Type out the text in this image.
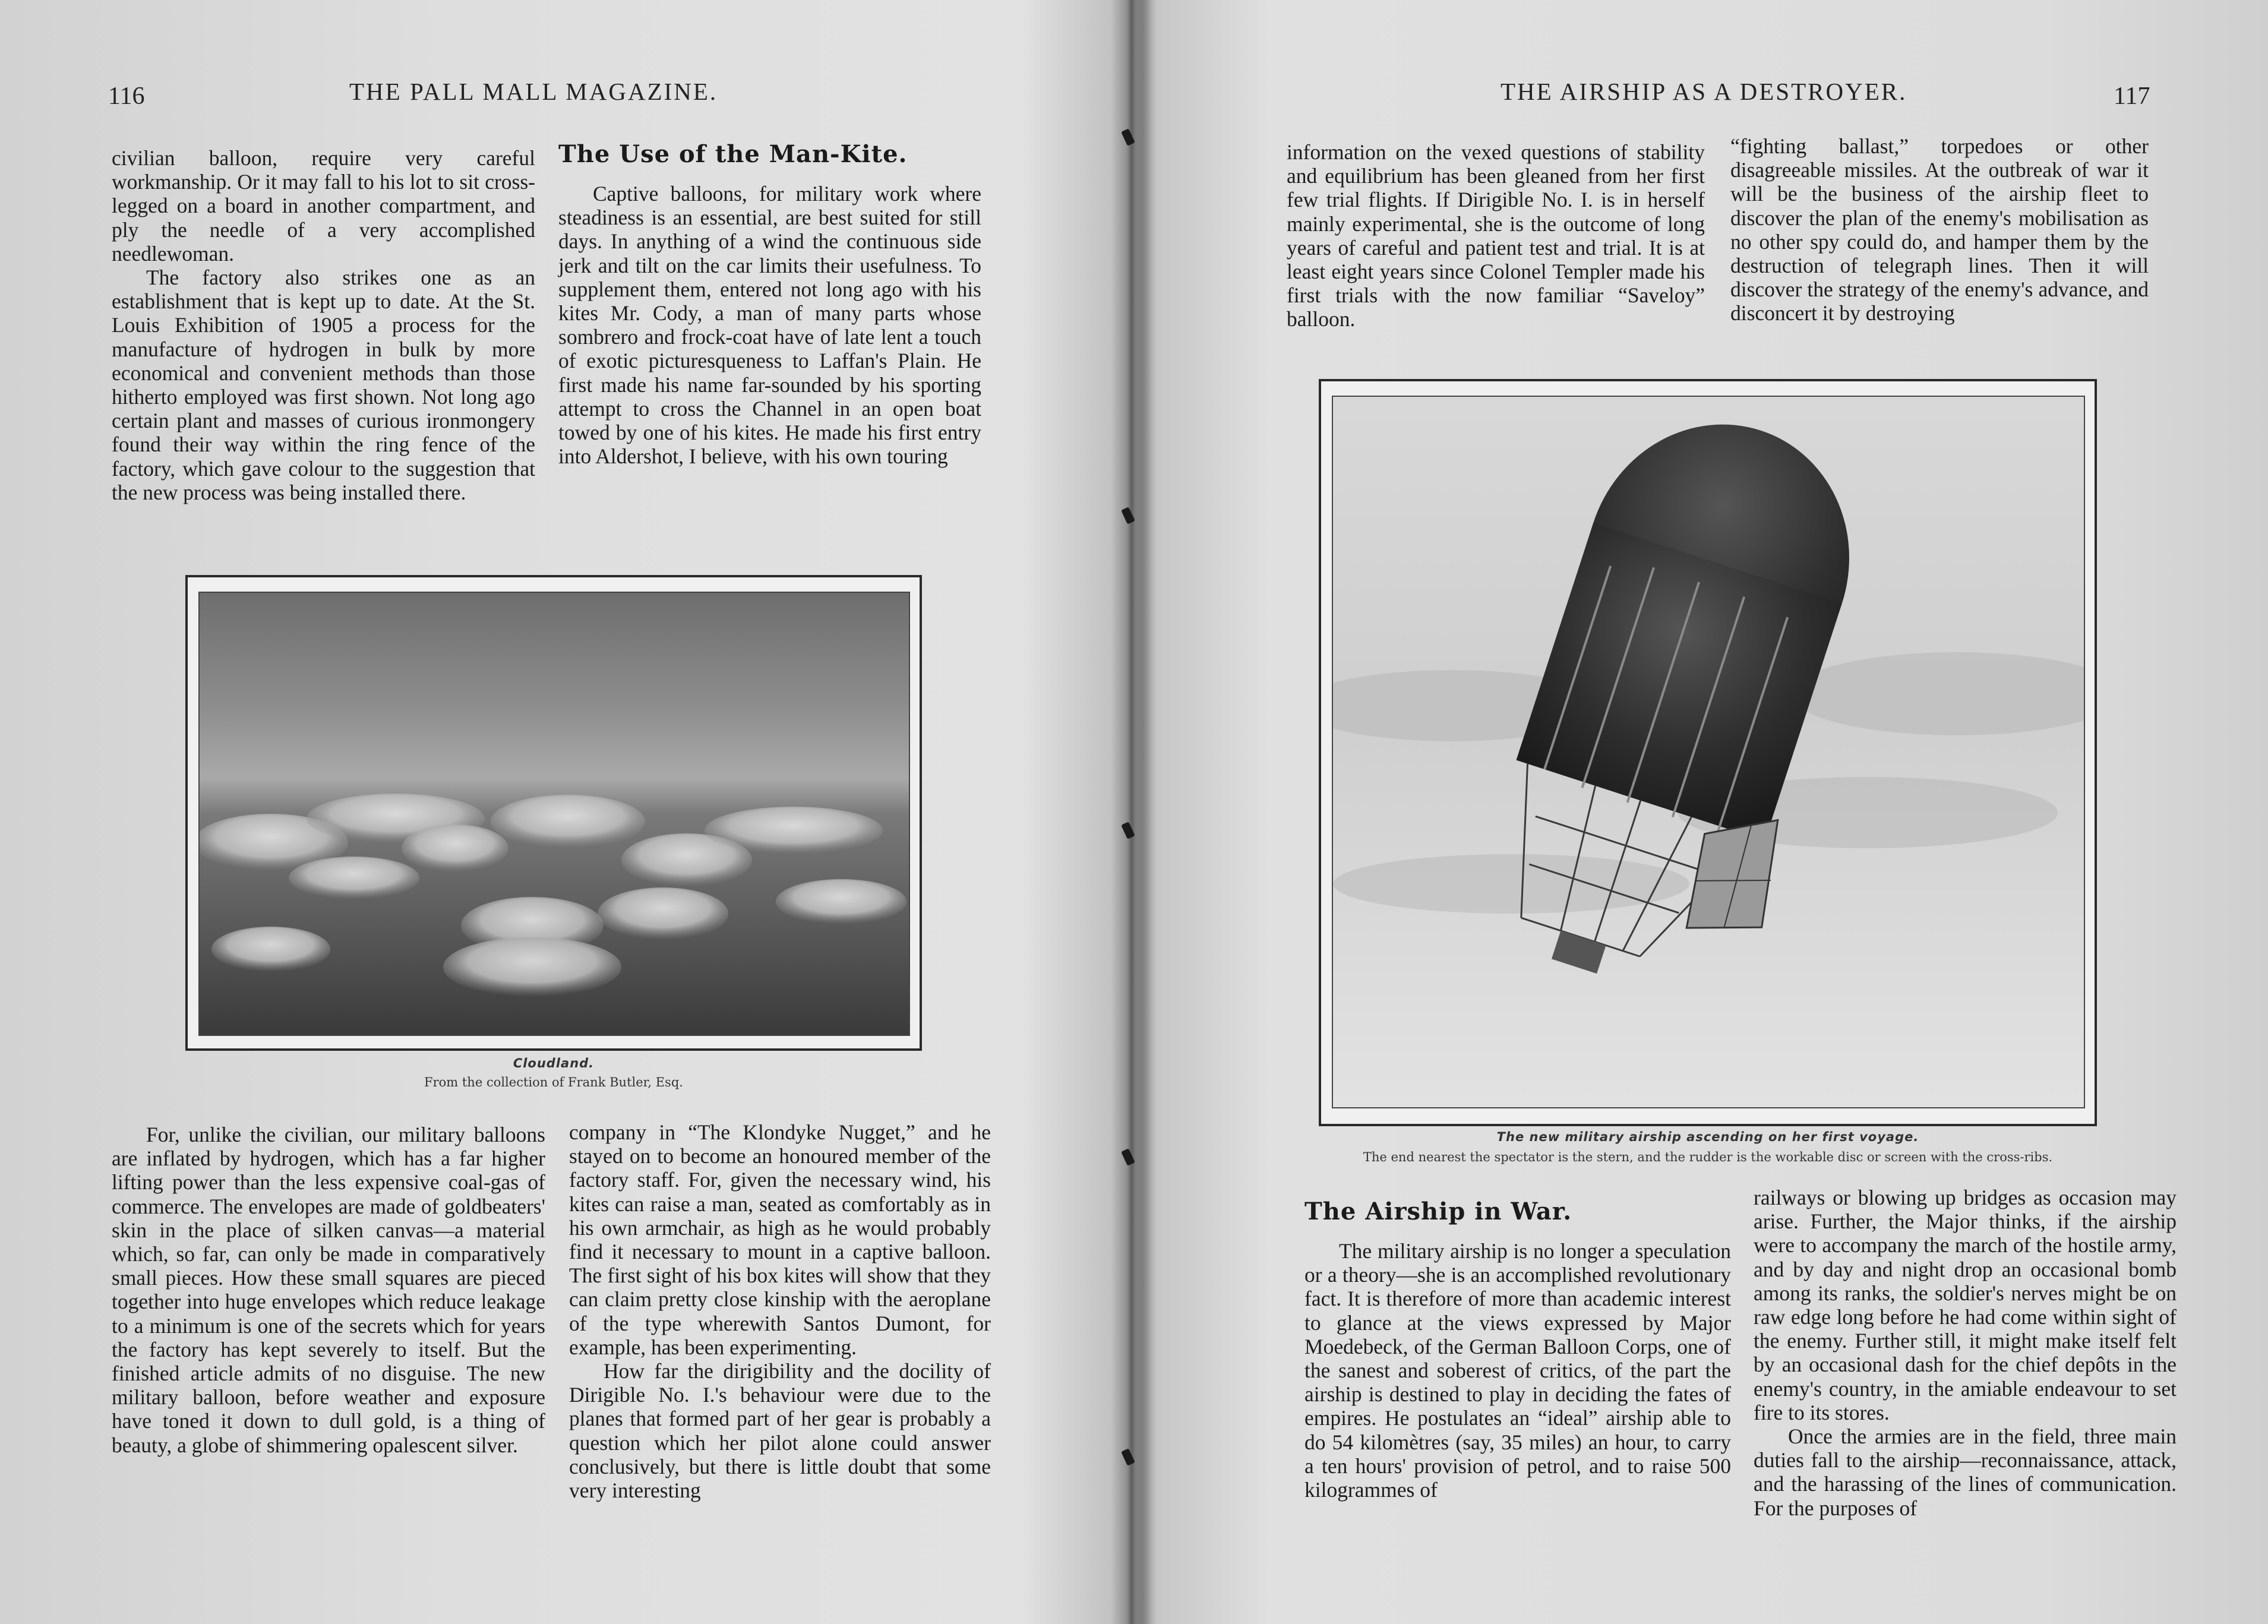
116	THE PALL MALL MAGAZINE.

civilian balloon, require very careful workmanship. Or it may fall to his lot to sit cross-legged on a board in another compartment, and ply the needle of a very accomplished needlewoman.

The factory also strikes one as an establishment that is kept up to date. At the St. Louis Exhibition of 1905 a process for the manufacture of hydrogen in bulk by more economical and convenient methods than those hitherto employed was first shown. Not long ago certain plant and masses of curious ironmongery found their way within the ring fence of the factory, which gave colour to the suggestion that the new process was being installed there.

The Use of the Man-Kite.

Captive balloons, for military work where steadiness is an essential, are best suited for still days. In anything of a wind the continuous side jerk and tilt on the car limits their usefulness. To supplement them, entered not long ago with his kites Mr. Cody, a man of many parts whose sombrero and frock-coat have of late lent a touch of exotic picturesqueness to Laffan's Plain. He first made his name far-sounded by his sporting attempt to cross the Channel in an open boat towed by one of his kites. He made his first entry into Aldershot, I believe, with his own touring

Cloudland.
From the collection of Frank Butler, Esq.

For, unlike the civilian, our military balloons are inflated by hydrogen, which has a far higher lifting power than the less expensive coal-gas of commerce. The envelopes are made of goldbeaters' skin in the place of silken canvas—a material which, so far, can only be made in comparatively small pieces. How these small squares are pieced together into huge envelopes which reduce leakage to a minimum is one of the secrets which for years the factory has kept severely to itself. But the finished article admits of no disguise. The new military balloon, before weather and exposure have toned it down to dull gold, is a thing of beauty, a globe of shimmering opalescent silver.

company in “The Klondyke Nugget,” and he stayed on to become an honoured member of the factory staff. For, given the necessary wind, his kites can raise a man, seated as comfortably as in his own armchair, as high as he would probably find it necessary to mount in a captive balloon. The first sight of his box kites will show that they can claim pretty close kinship with the aeroplane of the type wherewith Santos Dumont, for example, has been experimenting.

How far the dirigibility and the docility of Dirigible No. I.'s behaviour were due to the planes that formed part of her gear is probably a question which her pilot alone could answer conclusively, but there is little doubt that some very interesting

THE AIRSHIP AS A DESTROYER.	117

information on the vexed questions of stability and equilibrium has been gleaned from her first few trial flights. If Dirigible No. I. is in herself mainly experimental, she is the outcome of long years of careful and patient test and trial. It is at least eight years since Colonel Templer made his first trials with the now familiar “Saveloy” balloon.

“fighting ballast,” torpedoes or other disagreeable missiles. At the outbreak of war it will be the business of the airship fleet to discover the plan of the enemy's mobilisation as no other spy could do, and hamper them by the destruction of telegraph lines. Then it will discover the strategy of the enemy's advance, and disconcert it by destroying

The new military airship ascending on her first voyage.
The end nearest the spectator is the stern, and the rudder is the workable disc or screen with the cross-ribs.
The Airship in War.

The military airship is no longer a speculation or a theory—she is an accomplished revolutionary fact. It is therefore of more than academic interest to glance at the views expressed by Major Moedebeck, of the German Balloon Corps, one of the sanest and soberest of critics, of the part the airship is destined to play in deciding the fates of empires. He postulates an “ideal” airship able to do 54 kilomètres (say, 35 miles) an hour, to carry a ten hours' provision of petrol, and to raise 500 kilogrammes of

railways or blowing up bridges as occasion may arise. Further, the Major thinks, if the airship were to accompany the march of the hostile army, and by day and night drop an occasional bomb among its ranks, the soldier's nerves might be on raw edge long before he had come within sight of the enemy. Further still, it might make itself felt by an occasional dash for the chief depôts in the enemy's country, in the amiable endeavour to set fire to its stores.

Once the armies are in the field, three main duties fall to the airship—reconnaissance, attack, and the harassing of the lines of communication. For the purposes of
